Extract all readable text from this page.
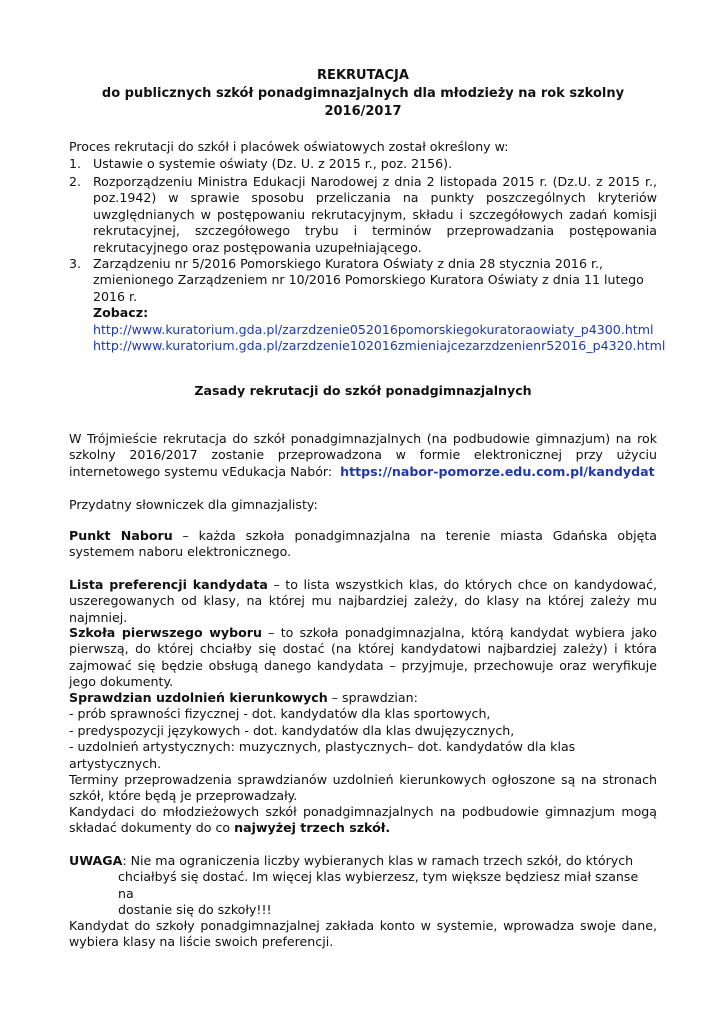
REKRUTACJA
do publicznych szkół ponadgimnazjalnych dla młodzieży na rok szkolny
2016/2017

Proces rekrutacji do szkół i placówek oświatowych został określony w:

1. Ustawie o systemie oświaty (Dz. U. z 2015 r., poz. 2156).

2. Rozporządzeniu Ministra Edukacji Narodowej z dnia 2 listopada 2015 r. (Dz.U. z 2015 r., poz.1942) w sprawie sposobu przeliczania na punkty poszczególnych kryteriów uwzględnianych w postępowaniu rekrutacyjnym, składu i szczegółowych zadań komisji rekrutacyjnej, szczegółowego trybu i terminów przeprowadzania postępowania rekrutacyjnego oraz postępowania uzupełniającego.

3. Zarządzeniu nr 5/2016 Pomorskiego Kuratora Oświaty z dnia 28 stycznia 2016 r.,

zmienionego Zarządzeniem nr 10/2016 Pomorskiego Kuratora Oświaty z dnia 11 lutego

2016 r.

Zobacz:

http://www.kuratorium.gda.pl/zarzdzenie052016pomorskiegokuratoraowiaty_p4300.html

http://www.kuratorium.gda.pl/zarzdzenie102016zmieniajcezarzdzenienr52016_p4320.html

Zasady rekrutacji do szkół ponadgimnazjalnych

W Trójmieście rekrutacja do szkół ponadgimnazjalnych (na podbudowie gimnazjum) na rok szkolny 2016/2017 zostanie przeprowadzona w formie elektronicznej przy użyciu internetowego systemu vEdukacja Nabór: https://nabor-pomorze.edu.com.pl/kandydat

Przydatny słowniczek dla gimnazjalisty:

Punkt Naboru – każda szkoła ponadgimnazjalna na terenie miasta Gdańska objęta systemem naboru elektronicznego.

Lista preferencji kandydata – to lista wszystkich klas, do których chce on kandydować, uszeregowanych od klasy, na której mu najbardziej zależy, do klasy na której zależy mu najmniej.

Szkoła pierwszego wyboru – to szkoła ponadgimnazjalna, którą kandydat wybiera jako pierwszą, do której chciałby się dostać (na której kandydatowi najbardziej zależy) i która zajmować się będzie obsługą danego kandydata – przyjmuje, przechowuje oraz weryfikuje jego dokumenty.

Sprawdzian uzdolnień kierunkowych – sprawdzian:
- prób sprawności fizycznej - dot. kandydatów dla klas sportowych,
- predyspozycji językowych - dot. kandydatów dla klas dwujęzycznych,
- uzdolnień artystycznych: muzycznych, plastycznych– dot. kandydatów dla klas artystycznych.
Terminy przeprowadzenia sprawdzianów uzdolnień kierunkowych ogłoszone są na stronach szkół, które będą je przeprowadzały.

Kandydaci do młodzieżowych szkół ponadgimnazjalnych na podbudowie gimnazjum mogą składać dokumenty do co najwyżej trzech szkół.

UWAGA: Nie ma ograniczenia liczby wybieranych klas w ramach trzech szkół, do których
chciałbyś się dostać. Im więcej klas wybierzesz, tym większe będziesz miał szanse na
dostanie się do szkoły!!!

Kandydat do szkoły ponadgimnazjalnej zakłada konto w systemie, wprowadza swoje dane, wybiera klasy na liście swoich preferencji.
